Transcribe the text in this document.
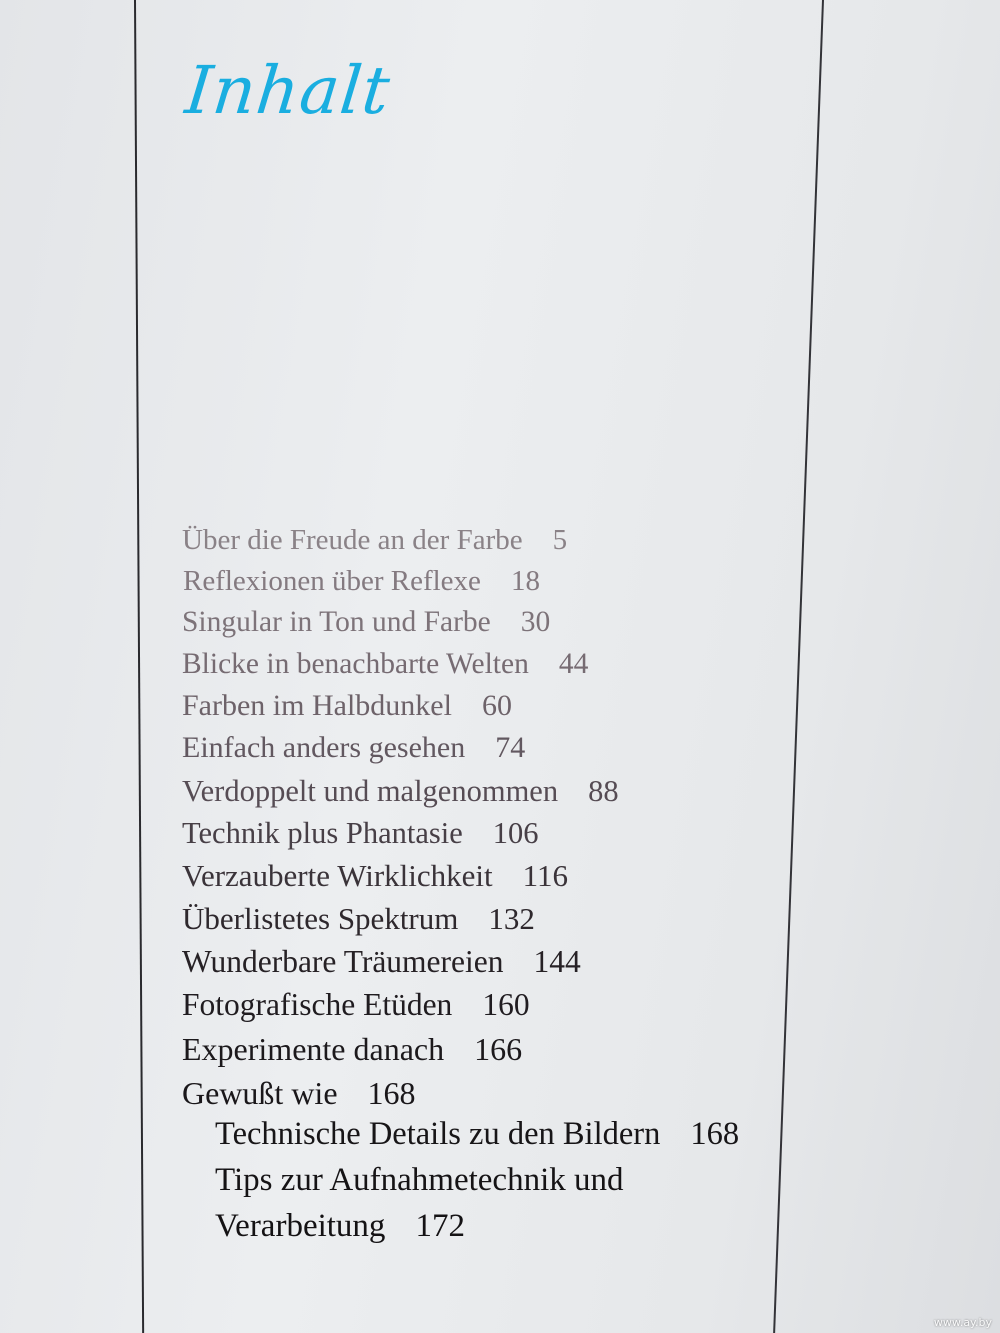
Inhalt
Über die Freude an der Farbe 5
Reflexionen über Reflexe 18
Singular in Ton und Farbe 30
Blicke in benachbarte Welten 44
Farben im Halbdunkel 60
Einfach anders gesehen 74
Verdoppelt und malgenommen 88
Technik plus Phantasie 106
Verzauberte Wirklichkeit 116
Überlistetes Spektrum 132
Wunderbare Träumereien 144
Fotografische Etüden 160
Experimente danach 166
Gewußt wie 168
Technische Details zu den Bildern 168
Tips zur Aufnahmetechnik und
Verarbeitung 172
www.ay.by
